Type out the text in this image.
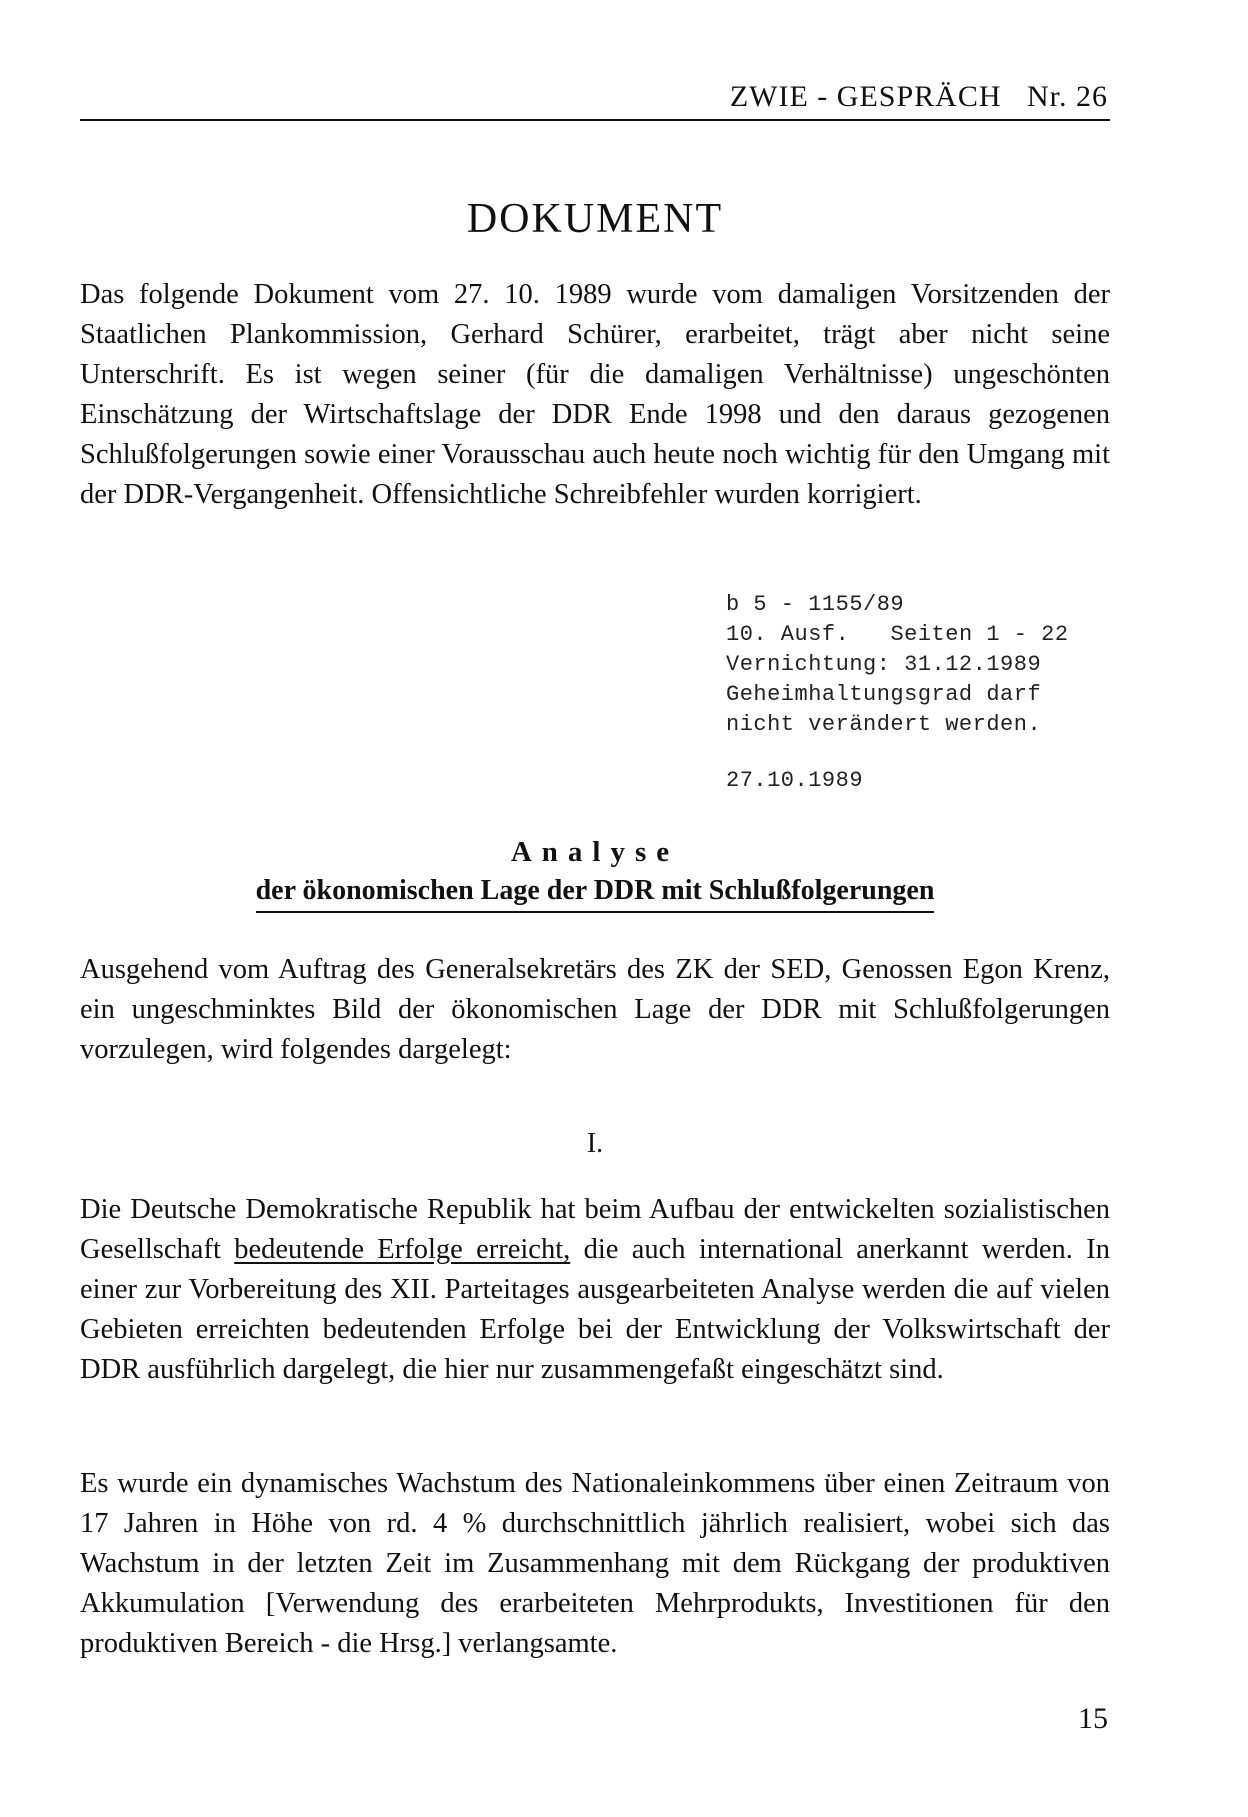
ZWIE - GESPRÄCH Nr. 26
DOKUMENT

Das folgende Dokument vom 27. 10. 1989 wurde vom damaligen Vorsitzenden der Staatlichen Plankommission, Gerhard Schürer, erarbeitet, trägt aber nicht seine Unterschrift. Es ist wegen seiner (für die damaligen Verhältnisse) ungeschönten Einschätzung der Wirtschaftslage der DDR Ende 1998 und den daraus gezogenen Schlußfolgerungen sowie einer Vorausschau auch heute noch wichtig für den Umgang mit der DDR-Vergangenheit. Offensichtliche Schreibfehler wurden korrigiert.

b 5 - 1155/89
10. Ausf. Seiten 1 - 22
Vernichtung: 31.12.1989
Geheimhaltungsgrad darf
nicht verändert werden.
27.10.1989
Analyse
der ökonomischen Lage der DDR mit Schlußfolgerungen

Ausgehend vom Auftrag des Generalsekretärs des ZK der SED, Genossen Egon Krenz, ein ungeschminktes Bild der ökonomischen Lage der DDR mit Schlußfolgerungen vorzulegen, wird folgendes dargelegt:

I.

Die Deutsche Demokratische Republik hat beim Aufbau der entwickelten sozialistischen Gesellschaft bedeutende Erfolge erreicht, die auch international anerkannt werden. In einer zur Vorbereitung des XII. Parteitages ausgearbeiteten Analyse werden die auf vielen Gebieten erreichten bedeutenden Erfolge bei der Entwicklung der Volkswirtschaft der DDR ausführlich dargelegt, die hier nur zusammengefaßt eingeschätzt sind.

Es wurde ein dynamisches Wachstum des Nationaleinkommens über einen Zeitraum von 17 Jahren in Höhe von rd. 4 % durchschnittlich jährlich realisiert, wobei sich das Wachstum in der letzten Zeit im Zusammenhang mit dem Rückgang der produktiven Akkumulation [Verwendung des erarbeiteten Mehrprodukts, Investitionen für den produktiven Bereich - die Hrsg.] verlangsamte.

15
